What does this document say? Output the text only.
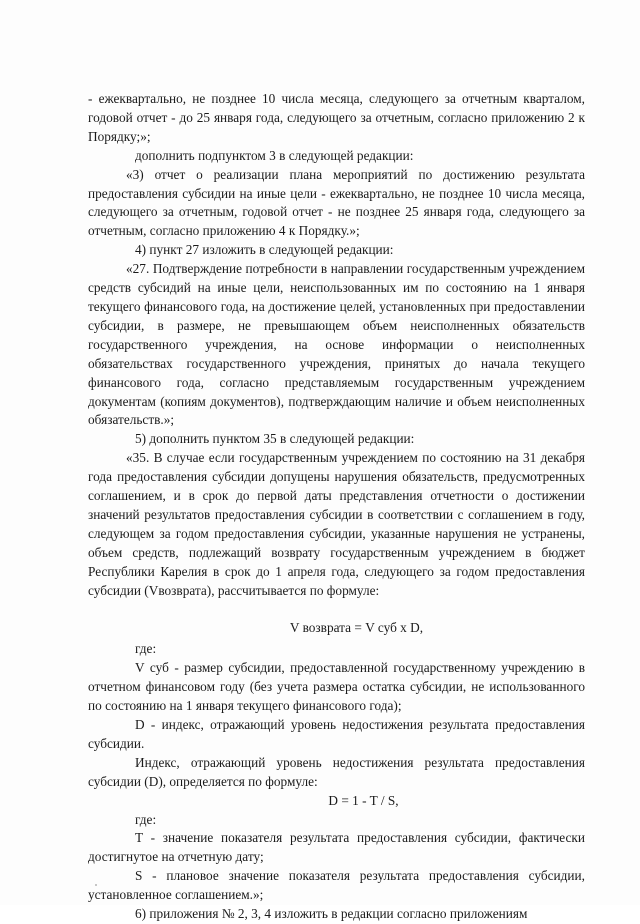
- ежеквартально, не позднее 10 числа месяца, следующего за отчетным кварталом, годовой отчет - до 25 января года, следующего за отчетным, согласно приложению 2 к Порядку;»;

дополнить подпунктом 3 в следующей редакции:

«3) отчет о реализации плана мероприятий по достижению результата предоставления субсидии на иные цели - ежеквартально, не позднее 10 числа месяца, следующего за отчетным, годовой отчет - не позднее 25 января года, следующего за отчетным, согласно приложению 4 к Порядку.»;

4) пункт 27 изложить в следующей редакции:

«27. Подтверждение потребности в направлении государственным учреждением средств субсидий на иные цели, неиспользованных им по состоянию на 1 января текущего финансового года, на достижение целей, установленных при предоставлении субсидии, в размере, не превышающем объем неисполненных обязательств государственного учреждения, на основе информации о неисполненных обязательствах государственного учреждения, принятых до начала текущего финансового года, согласно представляемым государственным учреждением документам (копиям документов), подтверждающим наличие и объем неисполненных обязательств.»;

5) дополнить пунктом 35 в следующей редакции:

«35. В случае если государственным учреждением по состоянию на 31 декабря года предоставления субсидии допущены нарушения обязательств, предусмотренных соглашением, и в срок до первой даты представления отчетности о достижении значений результатов предоставления субсидии в соответствии с соглашением в году, следующем за годом предоставления субсидии, указанные нарушения не устранены, объем средств, подлежащий возврату государственным учреждением в бюджет Республики Карелия в срок до 1 апреля года, следующего за годом предоставления субсидии (Vвозврата), рассчитывается по формуле:

V возврата = V суб x D,

где:

V суб - размер субсидии, предоставленной государственному учреждению в отчетном финансовом году (без учета размера остатка субсидии, не использованного по состоянию на 1 января текущего финансового года);

D - индекс, отражающий уровень недостижения результата предоставления субсидии.

Индекс, отражающий уровень недостижения результата предоставления субсидии (D), определяется по формуле:

D = 1 - T / S,

где:

T - значение показателя результата предоставления субсидии, фактически достигнутое на отчетную дату;

S - плановое значение показателя результата предоставления субсидии, установленное соглашением.»;

6) приложения № 2, 3, 4 изложить в редакции согласно приложениям
